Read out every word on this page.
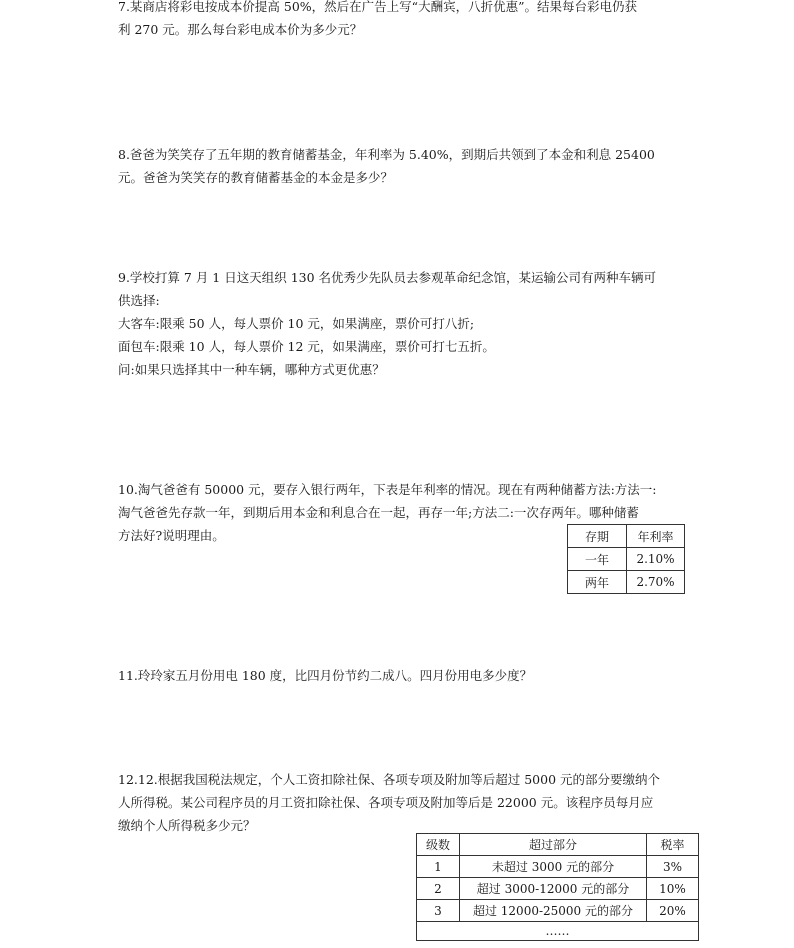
7.某商店将彩电按成本价提高 50%，然后在广告上写“大酬宾，八折优惠”。结果每台彩电仍获

利 270 元。那么每台彩电成本价为多少元？

8.爸爸为笑笑存了五年期的教育储蓄基金，年利率为 5.40%，到期后共领到了本金和利息 25400

元。爸爸为笑笑存的教育储蓄基金的本金是多少？

9.学校打算 7 月 1 日这天组织 130 名优秀少先队员去参观革命纪念馆，某运输公司有两种车辆可

供选择:

大客车:限乘 50 人，每人票价 10 元，如果满座，票价可打八折;

面包车:限乘 10 人，每人票价 12 元，如果满座，票价可打七五折。

问:如果只选择其中一种车辆，哪种方式更优惠？

10.淘气爸爸有 50000 元，要存入银行两年，下表是年利率的情况。现在有两种储蓄方法:方法一:

淘气爸爸先存款一年，到期后用本金和利息合在一起，再存一年;方法二:一次存两年。哪种储蓄

方法好?说明理由。	存期	年利率
一年	2.10%
两年	2.70%

11.玲玲家五月份用电 180 度，比四月份节约二成八。四月份用电多少度？

12.12.根据我国税法规定，个人工资扣除社保、各项专项及附加等后超过 5000 元的部分要缴纳个

人所得税。某公司程序员的月工资扣除社保、各项专项及附加等后是 22000 元。该程序员每月应

缴纳个人所得税多少元？

级数	超过部分	税率
1	未超过 3000 元的部分	3%
2	超过 3000-12000 元的部分	10%
3	超过 12000-25000 元的部分	20%
……		
